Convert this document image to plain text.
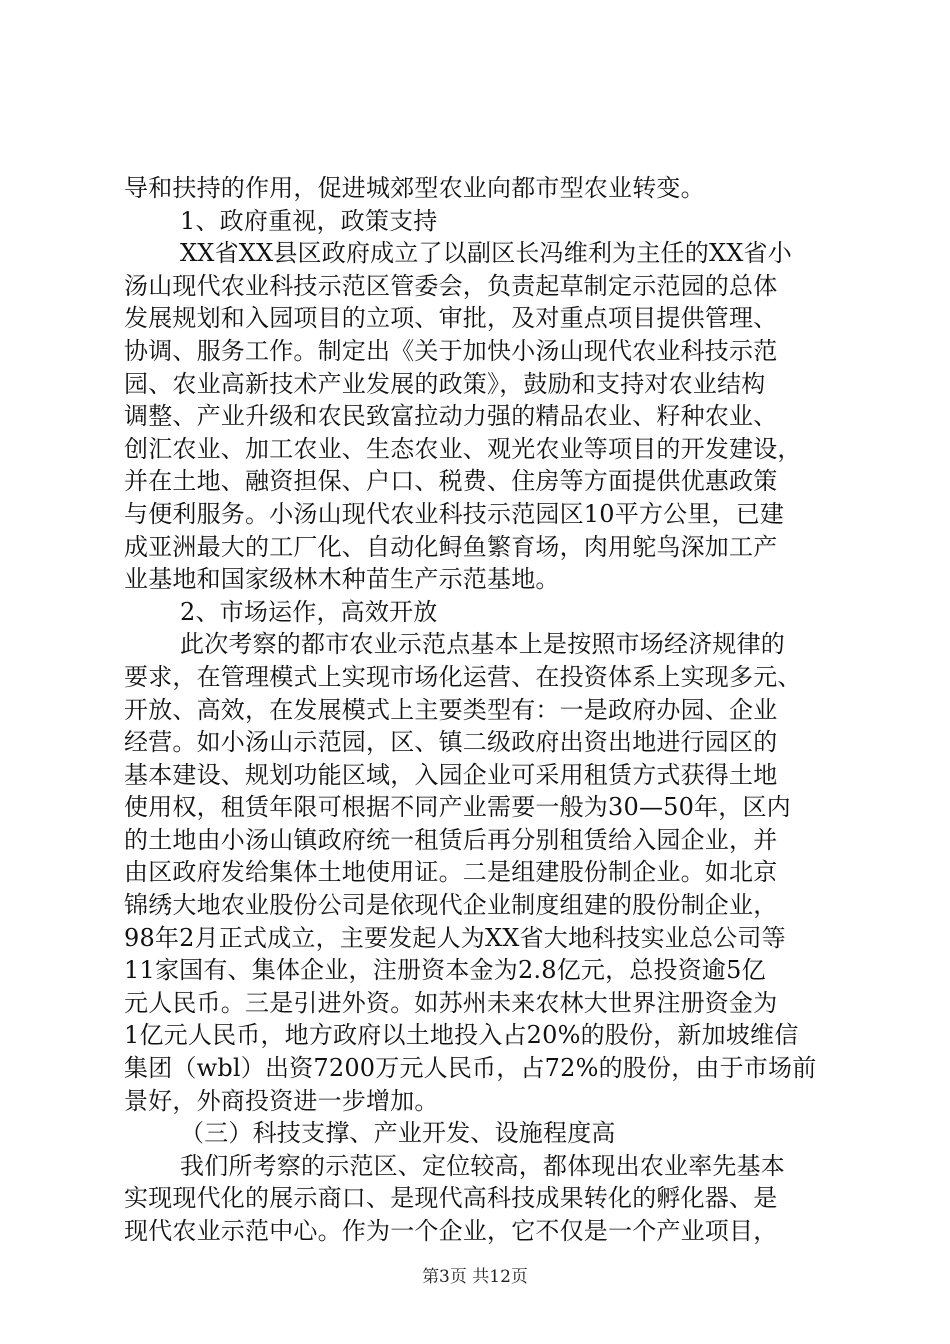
导和扶持的作用，促进城郊型农业向都市型农业转变。
1、政府重视，政策支持
XX省XX县区政府成立了以副区长冯维利为主任的XX省小
汤山现代农业科技示范区管委会，负责起草制定示范园的总体
发展规划和入园项目的立项、审批，及对重点项目提供管理、
协调、服务工作。制定出《关于加快小汤山现代农业科技示范
园、农业高新技术产业发展的政策》，鼓励和支持对农业结构
调整、产业升级和农民致富拉动力强的精品农业、籽种农业、
创汇农业、加工农业、生态农业、观光农业等项目的开发建设，
并在土地、融资担保、户口、税费、住房等方面提供优惠政策
与便利服务。小汤山现代农业科技示范园区10平方公里，已建
成亚洲最大的工厂化、自动化鲟鱼繁育场，肉用鸵鸟深加工产
业基地和国家级林木种苗生产示范基地。
2、市场运作，高效开放
此次考察的都市农业示范点基本上是按照市场经济规律的
要求，在管理模式上实现市场化运营、在投资体系上实现多元、
开放、高效，在发展模式上主要类型有：一是政府办园、企业
经营。如小汤山示范园，区、镇二级政府出资出地进行园区的
基本建设、规划功能区域，入园企业可采用租赁方式获得土地
使用权，租赁年限可根据不同产业需要一般为30—50年，区内
的土地由小汤山镇政府统一租赁后再分别租赁给入园企业，并
由区政府发给集体土地使用证。二是组建股份制企业。如北京
锦绣大地农业股份公司是依现代企业制度组建的股份制企业，
98年2月正式成立，主要发起人为XX省大地科技实业总公司等
11家国有、集体企业，注册资本金为2.8亿元，总投资逾5亿
元人民币。三是引进外资。如苏州未来农林大世界注册资金为
1亿元人民币，地方政府以土地投入占20%的股份，新加坡维信
集团（wbl）出资7200万元人民币，占72%的股份，由于市场前
景好，外商投资进一步增加。
（三）科技支撑、产业开发、设施程度高
我们所考察的示范区、定位较高，都体现出农业率先基本
实现现代化的展示商口、是现代高科技成果转化的孵化器、是
现代农业示范中心。作为一个企业，它不仅是一个产业项目，
第3页 共12页
